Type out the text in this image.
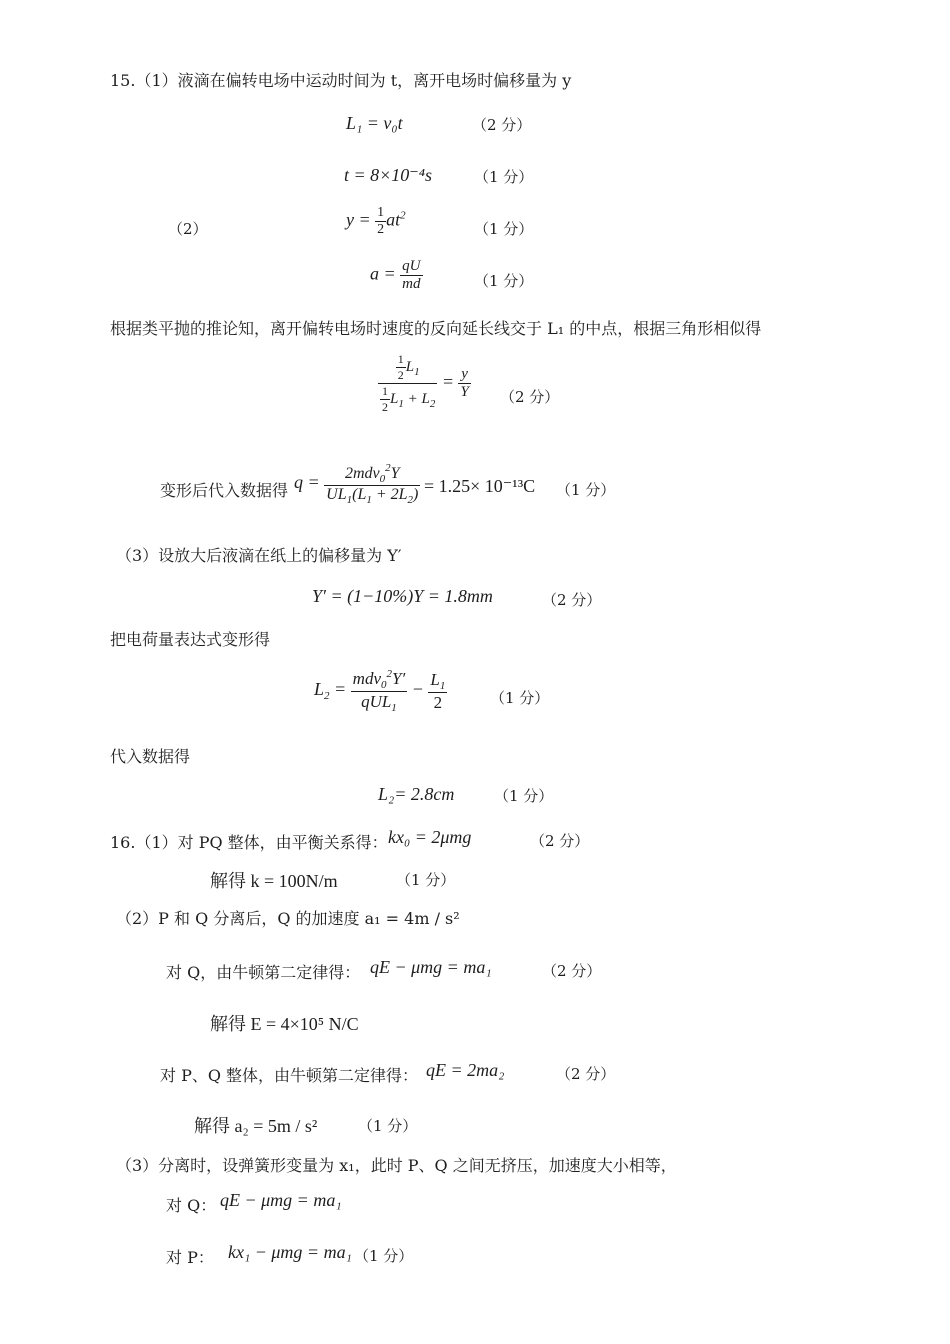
15.（1）液滴在偏转电场中运动时间为 t，离开电场时偏移量为 y
L₁ = v₀t	（2 分）
t = 8×10⁻⁴s	（1 分）
（2）	$y = \frac{1}{2} at^2$
（1 分）
$a = \frac{qU}{md}$	（1 分）
根据类平抛的推论知，离开偏转电场时速度的反向延长线交于 L₁ 的中点，根据三角形相似得
$\frac{\frac{1}{2} L_1}{\frac{1}{2} L_1 + L_2} = \frac{y}{Y} (2$ 分）
变形后代入数据得 $q = \frac{2mdv_0^2Y}{UL_1(L_1 + 2L_2)} = 1.25\times 10^{-13}C$ （1 分）
（3）设放大后液滴在纸上的偏移量为 Y′
Y′ = (1−10%)Y = 1.8mm	（2 分）
把电荷量表达式变形得
$L_2 = \frac{mdv_0^2Y'}{qUL_1} - \frac{L_1}{2}$	（1 分）
代入数据得
L₂= 2.8cm	（1 分）
16.（1）对 PQ 整体，由平衡关系得： kx₀ = 2μmg	（2 分）
解得 k = 100N/m	（1 分）
（2）P 和 Q 分离后，Q 的加速度 a₁ = 4m / s²
对 Q，由牛顿第二定律得： qE − μmg = ma₁	（2 分）
解得 E = 4×10⁵ N/C
对 P、Q 整体，由牛顿第二定律得： qE = 2ma₂	（2 分）
解得 a₂ = 5m / s²	（1 分）
（3）分离时，设弹簧形变量为 x₁，此时 P、Q 之间无挤压，加速度大小相等，
对 Q： qE − μmg = ma₁
对 P： kx₁ − μmg = ma₁ （1 分）
